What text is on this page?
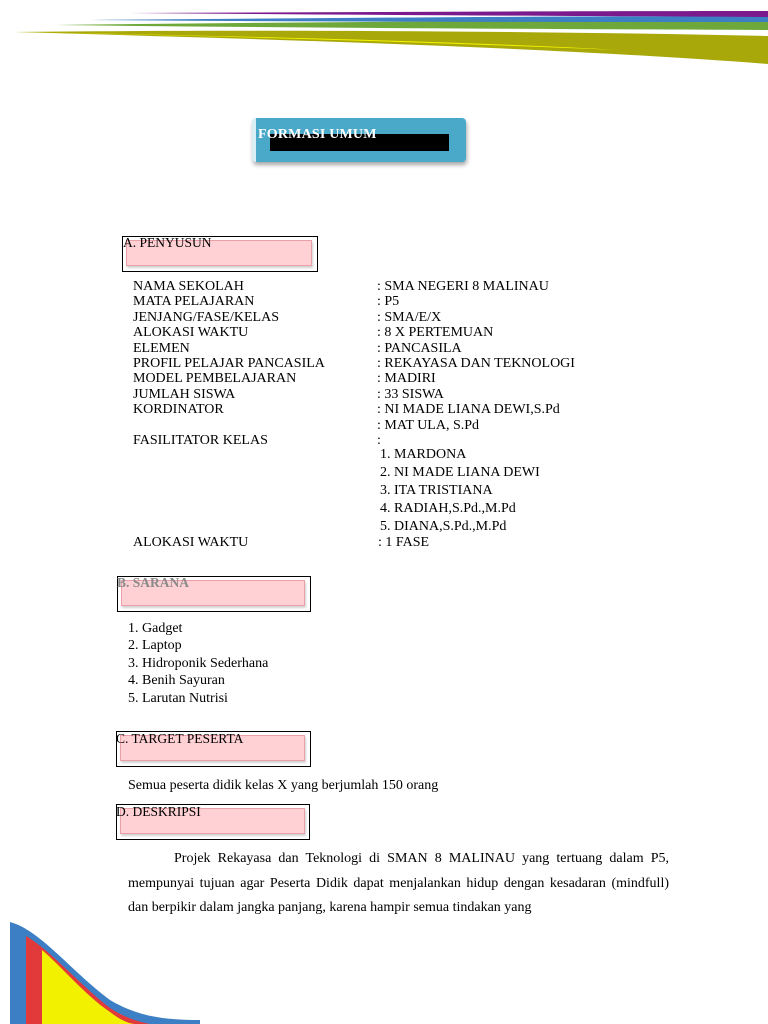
FORMASI UMUM
A. PENYUSUN
NAMA SEKOLAH	: SMA NEGERI 8 MALINAU
MATA PELAJARAN	: P5
JENJANG/FASE/KELAS	: SMA/E/X
ALOKASI WAKTU	: 8 X PERTEMUAN
ELEMEN	: PANCASILA
PROFIL PELAJAR PANCASILA	: REKAYASA DAN TEKNOLOGI
MODEL PEMBELAJARAN	: MADIRI
JUMLAH SISWA	: 33 SISWA
KORDINATOR	: NI MADE LIANA DEWI,S.Pd
: MAT ULA, S.Pd
FASILITATOR KELAS	:
1. MARDONA
2. NI MADE LIANA DEWI
3. ITA TRISTIANA
4. RADIAH,S.Pd.,M.Pd
5. DIANA,S.Pd.,M.Pd
ALOKASI WAKTU	: 1 FASE
B. SARANA
1. Gadget
2. Laptop
3. Hidroponik Sederhana
4. Benih Sayuran
5. Larutan Nutrisi
C. TARGET PESERTA
Semua peserta didik kelas X yang berjumlah 150 orang
D. DESKRIPSI

Projek Rekayasa dan Teknologi di SMAN 8 MALINAU yang tertuang dalam P5, mempunyai tujuan agar Peserta Didik dapat menjalankan hidup dengan kesadaran (mindfull) dan berpikir dalam jangka panjang, karena hampir semua tindakan yang
